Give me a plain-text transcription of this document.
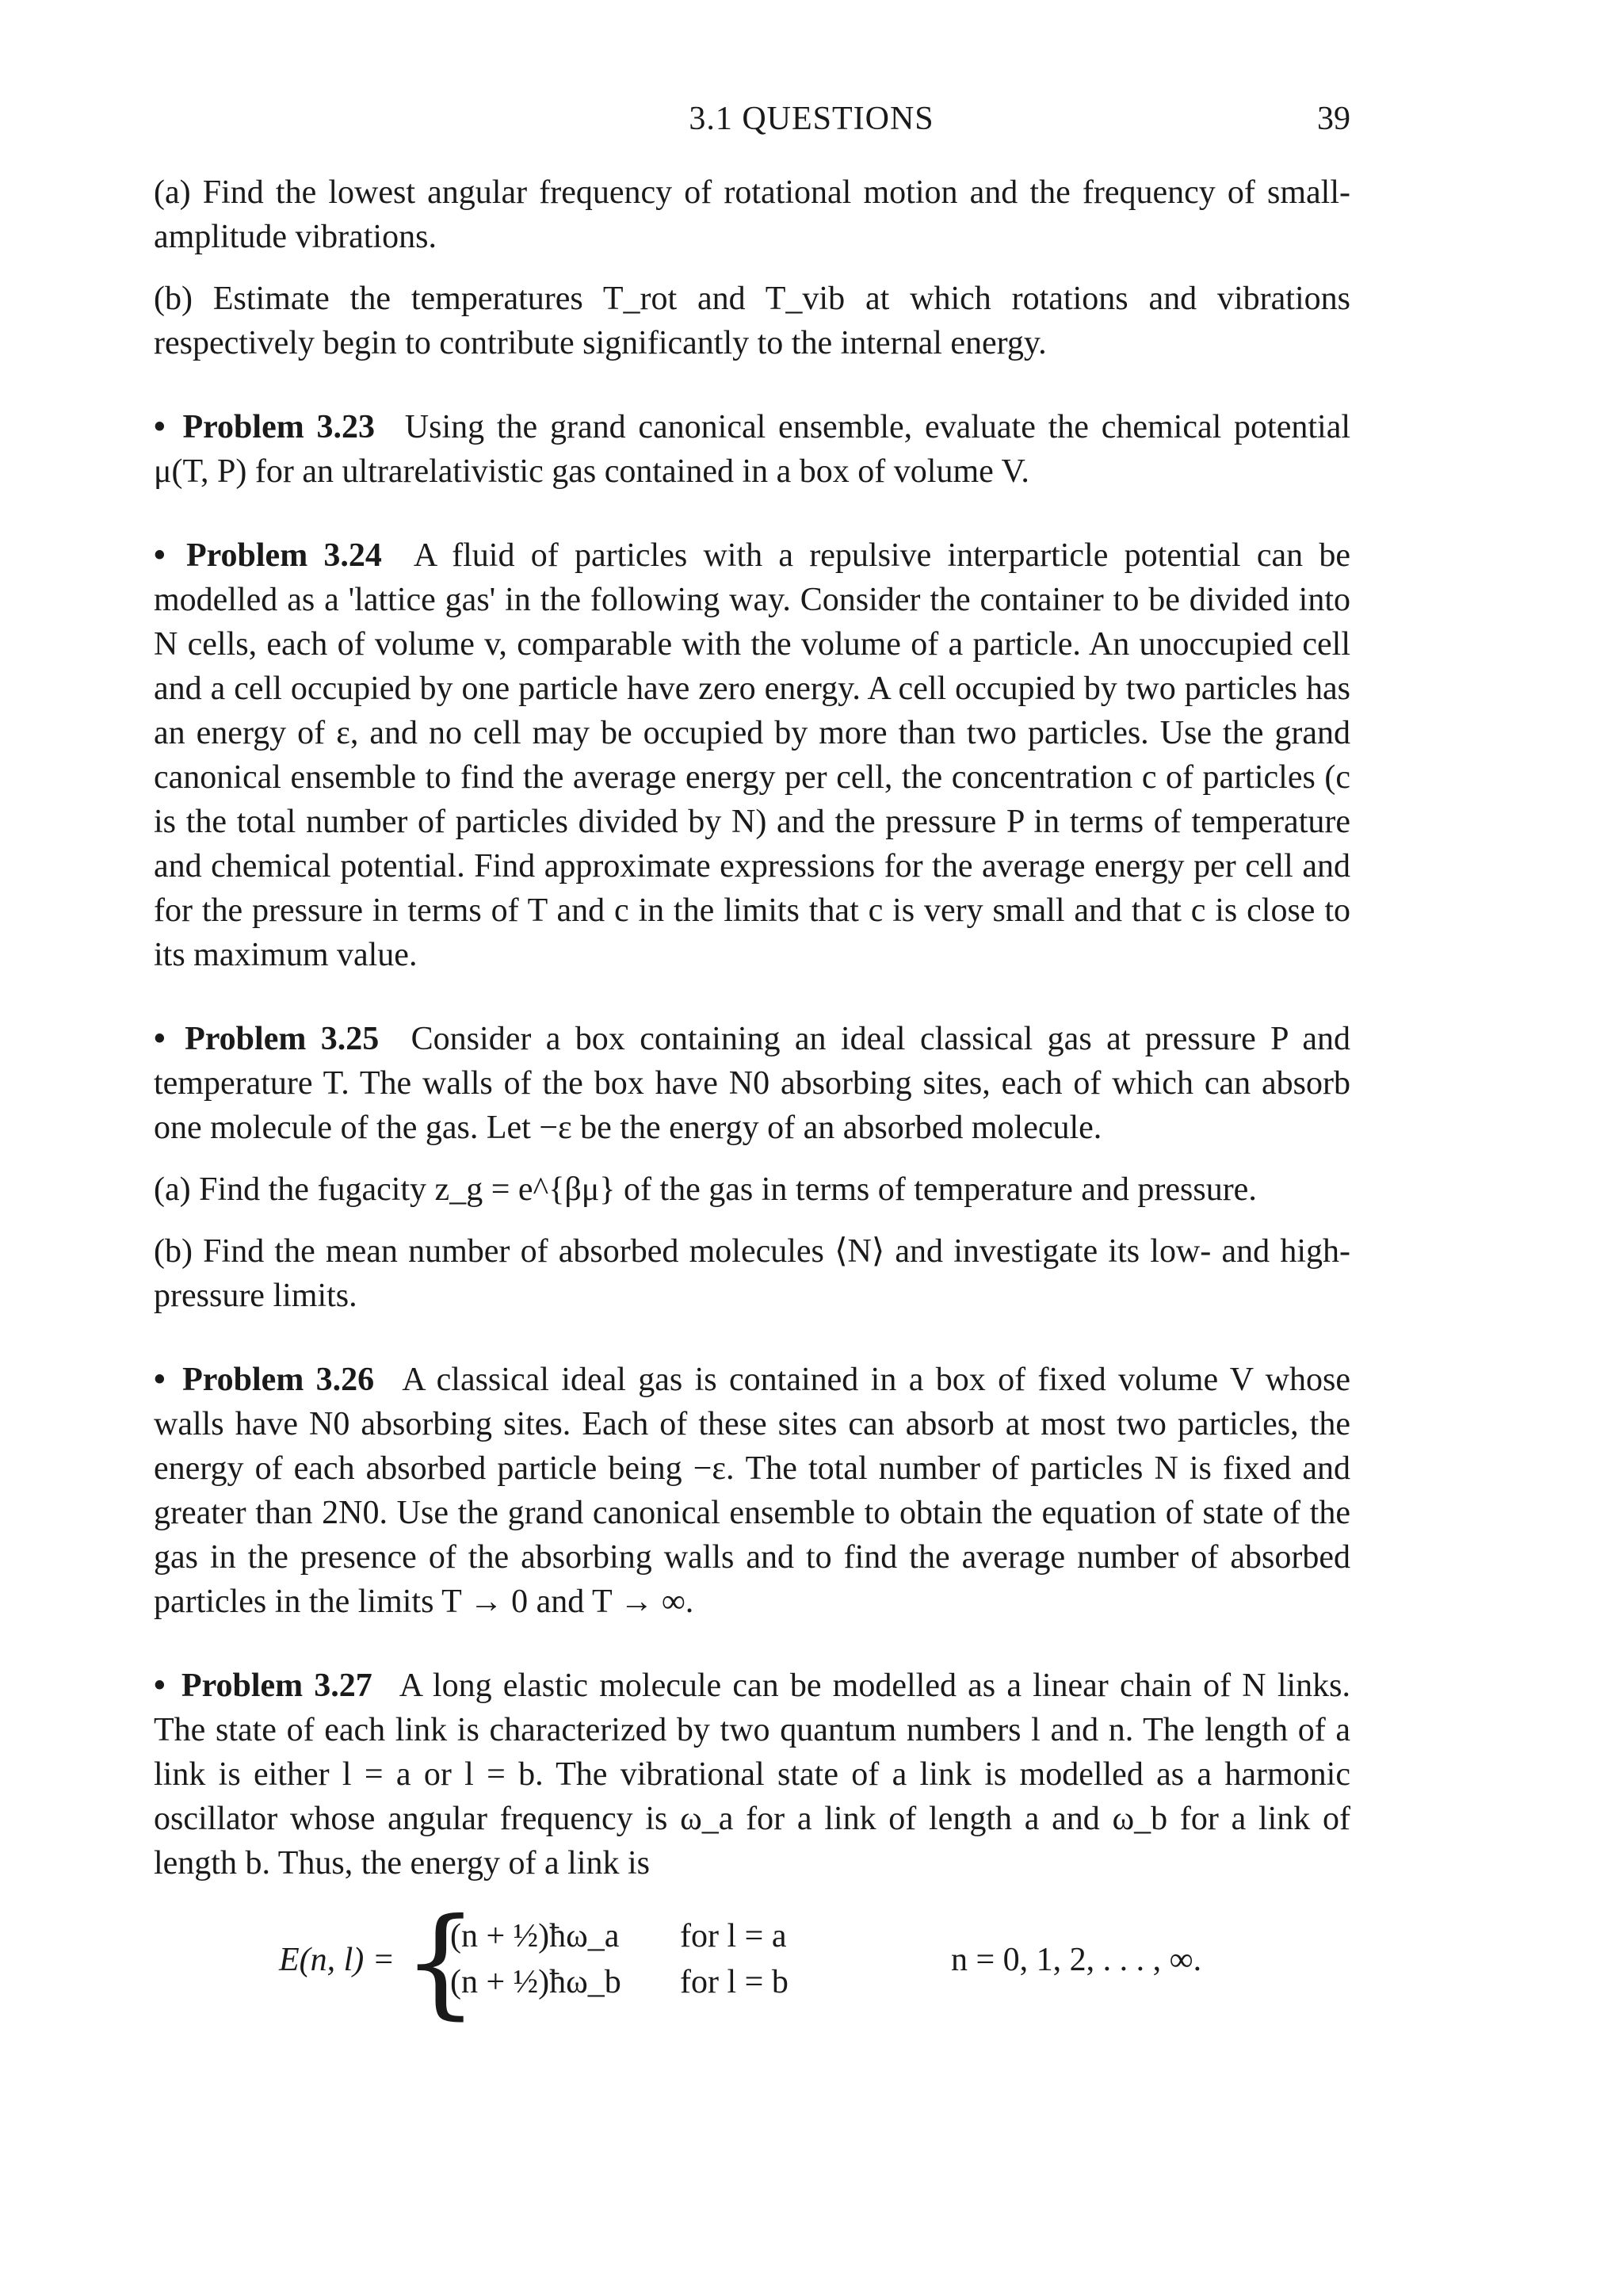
3.1 QUESTIONS	39

(a) Find the lowest angular frequency of rotational motion and the frequency of small-amplitude vibrations.

(b) Estimate the temperatures T_rot and T_vib at which rotations and vibrations respectively begin to contribute significantly to the internal energy.

• Problem 3.23 Using the grand canonical ensemble, evaluate the chemical potential μ(T, P) for an ultrarelativistic gas contained in a box of volume V.

• Problem 3.24 A fluid of particles with a repulsive interparticle potential can be modelled as a 'lattice gas' in the following way. Consider the container to be divided into N cells, each of volume v, comparable with the volume of a particle. An unoccupied cell and a cell occupied by one particle have zero energy. A cell occupied by two particles has an energy of ε, and no cell may be occupied by more than two particles. Use the grand canonical ensemble to find the average energy per cell, the concentration c of particles (c is the total number of particles divided by N) and the pressure P in terms of temperature and chemical potential. Find approximate expressions for the average energy per cell and for the pressure in terms of T and c in the limits that c is very small and that c is close to its maximum value.

• Problem 3.25 Consider a box containing an ideal classical gas at pressure P and temperature T. The walls of the box have N0 absorbing sites, each of which can absorb one molecule of the gas. Let −ε be the energy of an absorbed molecule.

(a) Find the fugacity z_g = e^{βμ} of the gas in terms of temperature and pressure.

(b) Find the mean number of absorbed molecules ⟨N⟩ and investigate its low- and high-pressure limits.

• Problem 3.26 A classical ideal gas is contained in a box of fixed volume V whose walls have N0 absorbing sites. Each of these sites can absorb at most two particles, the energy of each absorbed particle being −ε. The total number of particles N is fixed and greater than 2N0. Use the grand canonical ensemble to obtain the equation of state of the gas in the presence of the absorbing walls and to find the average number of absorbed particles in the limits T → 0 and T → ∞.

• Problem 3.27 A long elastic molecule can be modelled as a linear chain of N links. The state of each link is characterized by two quantum numbers l and n. The length of a link is either l = a or l = b. The vibrational state of a link is modelled as a harmonic oscillator whose angular frequency is ω_a for a link of length a and ω_b for a link of length b. Thus, the energy of a link is

E(n, l) = {
(n + ½)ħω_a for l = a
(n + ½)ħω_b for l = b
n = 0, 1, 2, . . . , ∞.
